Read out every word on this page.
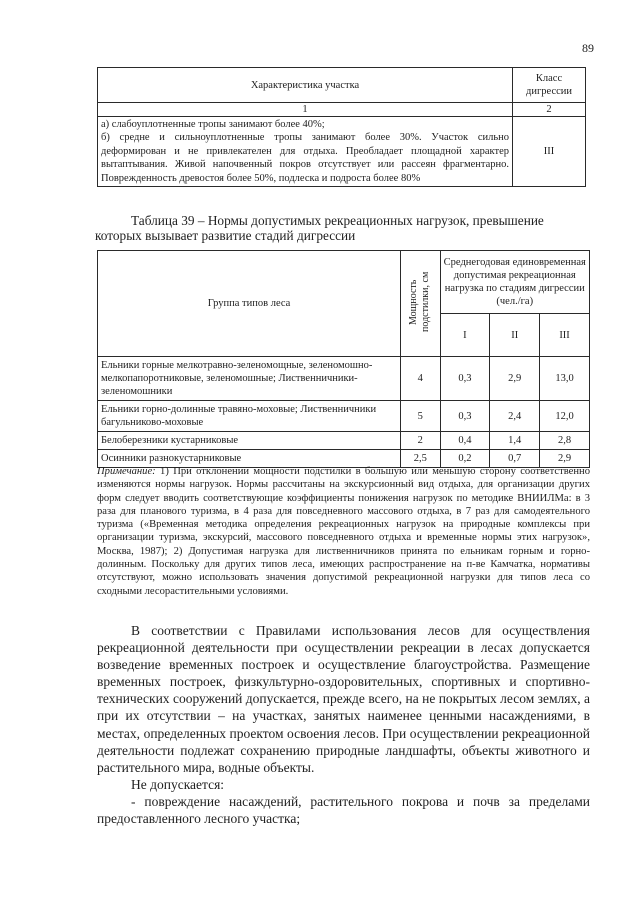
89
Характеристика участка	Класс дигрессии
1	2

а) слабоуплотненные тропы занимают более 40%;
б) средне и сильноуплотненные тропы занимают более 30%. Участок сильно деформирован и не привлекателен для отдыха. Преобладает площадной характер вытаптывания. Живой напочвенный покров отсутствует или рассеян фрагментарно. Поврежденность древостоя более 50%, подлеска и подроста более 80%	III
Таблица 39 – Нормы допустимых рекреационных нагрузок, превышение
которых вызывает развитие стадий дигрессии
Группа типов леса	Мощность подстилки, см	Среднегодовая единовременная допустимая рекреационная нагрузка по стадиям дигрессии (чел./га)		
		I	II	III
Ельники горные мелкотравно-зеленомощные, зеленомошно-мелкопапоротниковые, зеленомошные; Лиственничники-зеленомошники	4	0,3	2,9	13,0
Ельники горно-долинные травяно-моховые; Лиственничники багульниково-моховые	5	0,3	2,4	12,0
Белоберезники кустарниковые	2	0,4	1,4	2,8
Осинники разнокустарниковые	2,5	0,2	0,7	2,9
Примечание: 1) При отклонении мощности подстилки в большую или меньшую сторону соответственно изменяются нормы нагрузок. Нормы рассчитаны на экскурсионный вид отдыха, для организации других форм следует вводить соответствующие коэффициенты понижения нагрузок по методике ВНИИЛМа: в 3 раза для планового туризма, в 4 раза для повседневного массового отдыха, в 7 раз для самодеятельного туризма («Временная методика определения рекреационных нагрузок на природные комплексы при организации туризма, экскурсий, массового повседневного отдыха и временные нормы этих нагрузок», Москва, 1987); 2) Допустимая нагрузка для лиственничников принята по ельникам горным и горно-долинным. Поскольку для других типов леса, имеющих распространение на п-ве Камчатка, нормативы отсутствуют, можно использовать значения допустимой рекреационной нагрузки для типов леса со сходными лесорастительными условиями.

В соответствии с Правилами использования лесов для осуществления рекреационной деятельности при осуществлении рекреации в лесах допускается возведение временных построек и осуществление благоустройства. Размещение временных построек, физкультурно-оздоровительных, спортивных и спортивно-технических сооружений допускается, прежде всего, на не покрытых лесом землях, а при их отсутствии – на участках, занятых наименее ценными насаждениями, в местах, определенных проектом освоения лесов. При осуществлении рекреационной деятельности подлежат сохранению природные ландшафты, объекты животного и растительного мира, водные объекты.

Не допускается:

- повреждение насаждений, растительного покрова и почв за пределами предоставленного лесного участка;
